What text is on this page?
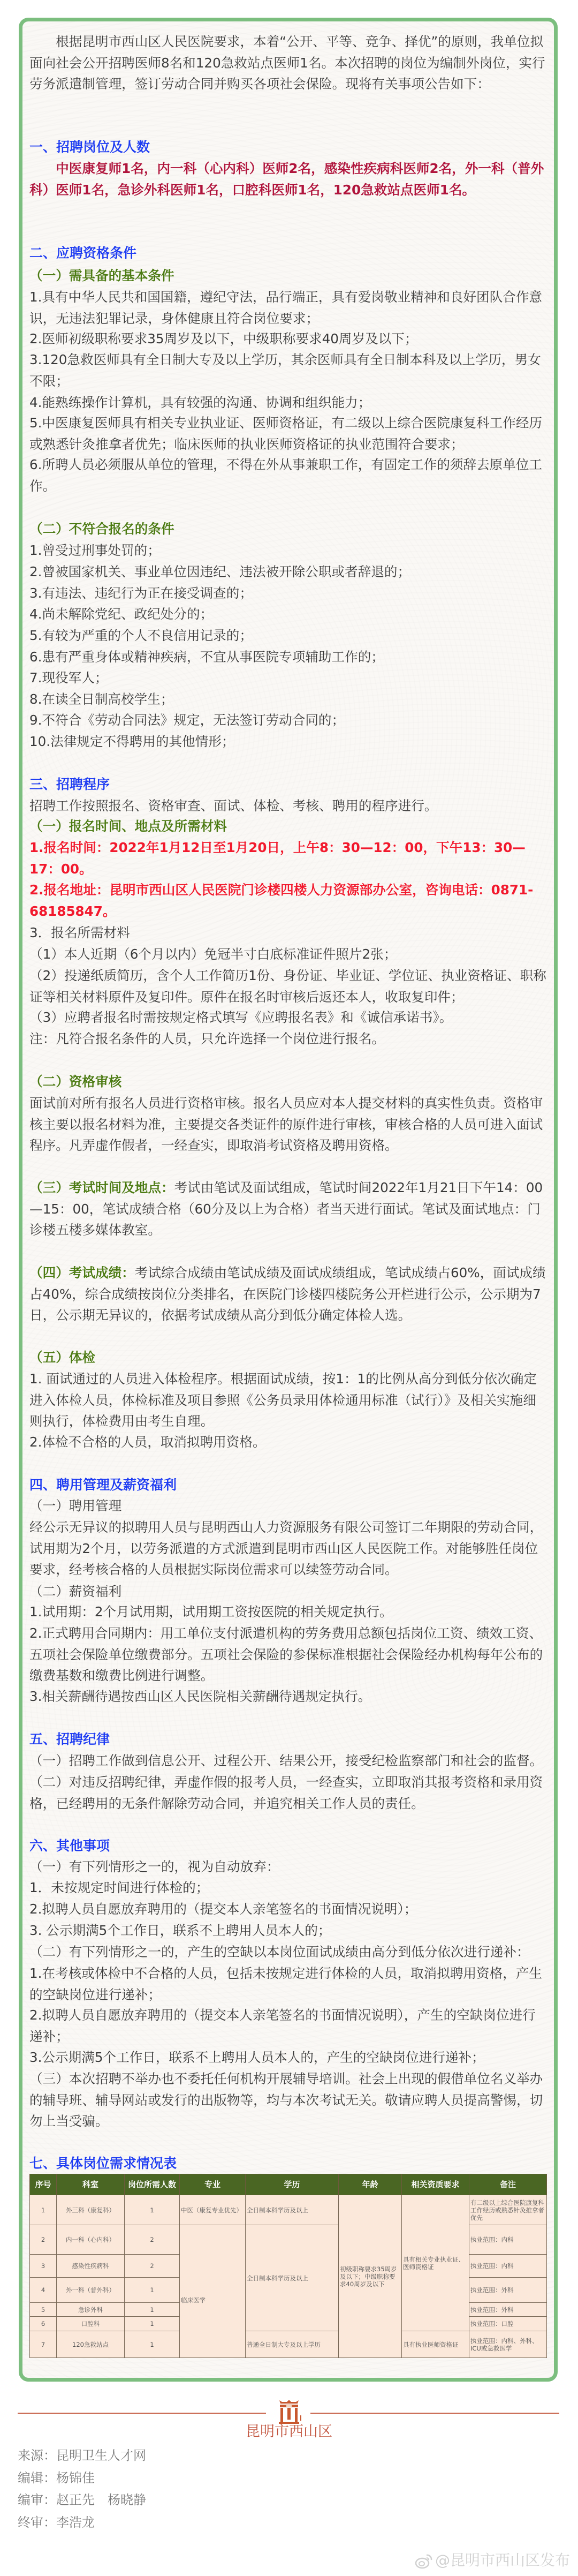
根据昆明市西山区人民医院要求，本着“公开、平等、竞争、择优”的原则，我单位拟面向社会公开招聘医师8名和120急救站点医师1名。本次招聘的岗位为编制外岗位，实行劳务派遣制管理，签订劳动合同并购买各项社会保险。现将有关事项公告如下：

一、招聘岗位及人数

中医康复师1名，内一科（心内科）医师2名，感染性疾病科医师2名，外一科（普外科）医师1名，急诊外科医师1名，口腔科医师1名，120急救站点医师1名。

二、应聘资格条件

（一）需具备的基本条件

1.具有中华人民共和国国籍，遵纪守法，品行端正，具有爱岗敬业精神和良好团队合作意识，无违法犯罪记录，身体健康且符合岗位要求；

2.医师初级职称要求35周岁及以下，中级职称要求40周岁及以下；

3.120急救医师具有全日制大专及以上学历，其余医师具有全日制本科及以上学历，男女不限；

4.能熟练操作计算机，具有较强的沟通、协调和组织能力；

5.中医康复医师具有相关专业执业证、医师资格证，有二级以上综合医院康复科工作经历或熟悉针灸推拿者优先；临床医师的执业医师资格证的执业范围符合要求；

6.所聘人员必须服从单位的管理，不得在外从事兼职工作，有固定工作的须辞去原单位工作。

（二）不符合报名的条件

1.曾受过刑事处罚的；

2.曾被国家机关、事业单位因违纪、违法被开除公职或者辞退的；

3.有违法、违纪行为正在接受调查的；

4.尚未解除党纪、政纪处分的；

5.有较为严重的个人不良信用记录的；

6.患有严重身体或精神疾病，不宜从事医院专项辅助工作的；

7.现役军人；

8.在读全日制高校学生；

9.不符合《劳动合同法》规定，无法签订劳动合同的；

10.法律规定不得聘用的其他情形；

三、招聘程序

招聘工作按照报名、资格审查、面试、体检、考核、聘用的程序进行。

（一）报名时间、地点及所需材料

1.报名时间：2022年1月12日至1月20日，上午8：30—12：00，下午13：30—17：00。

2.报名地址：昆明市西山区人民医院门诊楼四楼人力资源部办公室，咨询电话：0871-68185847。

3．报名所需材料

（1）本人近期（6个月以内）免冠半寸白底标准证件照片2张；

（2）投递纸质简历，含个人工作简历1份、身份证、毕业证、学位证、执业资格证、职称证等相关材料原件及复印件。原件在报名时审核后返还本人，收取复印件；

（3）应聘者报名时需按规定格式填写《应聘报名表》和《诚信承诺书》。

注：凡符合报名条件的人员，只允许选择一个岗位进行报名。

（二）资格审核

面试前对所有报名人员进行资格审核。报名人员应对本人提交材料的真实性负责。资格审核主要以报名材料为准，主要提交各类证件的原件进行审核，审核合格的人员可进入面试程序。凡弄虚作假者，一经查实，即取消考试资格及聘用资格。

（三）考试时间及地点：考试由笔试及面试组成，笔试时间2022年1月21日下午14：00—15：00，笔试成绩合格（60分及以上为合格）者当天进行面试。笔试及面试地点：门诊楼五楼多媒体教室。

（四）考试成绩：考试综合成绩由笔试成绩及面试成绩组成，笔试成绩占60%，面试成绩占40%，综合成绩按岗位分类排名，在医院门诊楼四楼院务公开栏进行公示，公示期为7日，公示期无异议的，依据考试成绩从高分到低分确定体检人选。

（五）体检

1. 面试通过的人员进入体检程序。根据面试成绩，按1：1的比例从高分到低分依次确定进入体检人员，体检标准及项目参照《公务员录用体检通用标准（试行）》及相关实施细则执行，体检费用由考生自理。

2.体检不合格的人员，取消拟聘用资格。

四、聘用管理及薪资福利

（一）聘用管理

经公示无异议的拟聘用人员与昆明西山人力资源服务有限公司签订二年期限的劳动合同，试用期为2个月，以劳务派遣的方式派遣到昆明市西山区人民医院工作。对能够胜任岗位要求，经考核合格的人员根据实际岗位需求可以续签劳动合同。

（二）薪资福利

1.试用期：2个月试用期，试用期工资按医院的相关规定执行。

2.正式聘用合同期内：用工单位支付派遣机构的劳务费用总额包括岗位工资、绩效工资、五项社会保险单位缴费部分。五项社会保险的参保标准根据社会保险经办机构每年公布的缴费基数和缴费比例进行调整。

3.相关薪酬待遇按西山区人民医院相关薪酬待遇规定执行。

五、招聘纪律

（一）招聘工作做到信息公开、过程公开、结果公开，接受纪检监察部门和社会的监督。

（二）对违反招聘纪律，弄虚作假的报考人员，一经查实，立即取消其报考资格和录用资格，已经聘用的无条件解除劳动合同，并追究相关工作人员的责任。

六、其他事项

（一）有下列情形之一的，视为自动放弃：

1．未按规定时间进行体检的；

2.拟聘人员自愿放弃聘用的（提交本人亲笔签名的书面情况说明）；

3. 公示期满5个工作日，联系不上聘用人员本人的；

（二）有下列情形之一的，产生的空缺以本岗位面试成绩由高分到低分依次进行递补：

1.在考核或体检中不合格的人员，包括未按规定进行体检的人员，取消拟聘用资格，产生的空缺岗位进行递补；

2.拟聘人员自愿放弃聘用的（提交本人亲笔签名的书面情况说明），产生的空缺岗位进行递补；

3.公示期满5个工作日，联系不上聘用人员本人的，产生的空缺岗位进行递补；

（三）本次招聘不举办也不委托任何机构开展辅导培训。社会上出现的假借单位名义举办的辅导班、辅导网站或发行的出版物等，均与本次考试无关。敬请应聘人员提高警惕，切勿上当受骗。

七、具体岗位需求情况表
序号	科室	岗位所需人数	专业	学历	年龄	相关资质要求	备注
1	外三科（康复科）	1	中医（康复专业优先）	全日制本科学历及以上	初级职称要求35周岁及以下；中级职称要求40周岁及以下	具有相关专业执业证、医师资格证	有二级以上综合医院康复科工作经历或熟悉针灸推拿者优先
2	内一科（心内科）	2	临床医学	全日制本科学历及以上			执业范围：内科
3	感染性疾病科	2					执业范围：内科
4	外一科（普外科）	1					执业范围：外科
5	急诊外科	1					执业范围：外科
6	口腔科	1					执业范围：口腔
7	120急救站点	1		普通全日制大专及以上学历		具有执业医师资格证	执业范围：内科、外科、ICU或急救医学
昆明市西山区
来源：昆明卫生人才网
编辑：杨锦佳
编审：赵正先　杨晓静
终审：李浩龙
@昆明市西山区发布
